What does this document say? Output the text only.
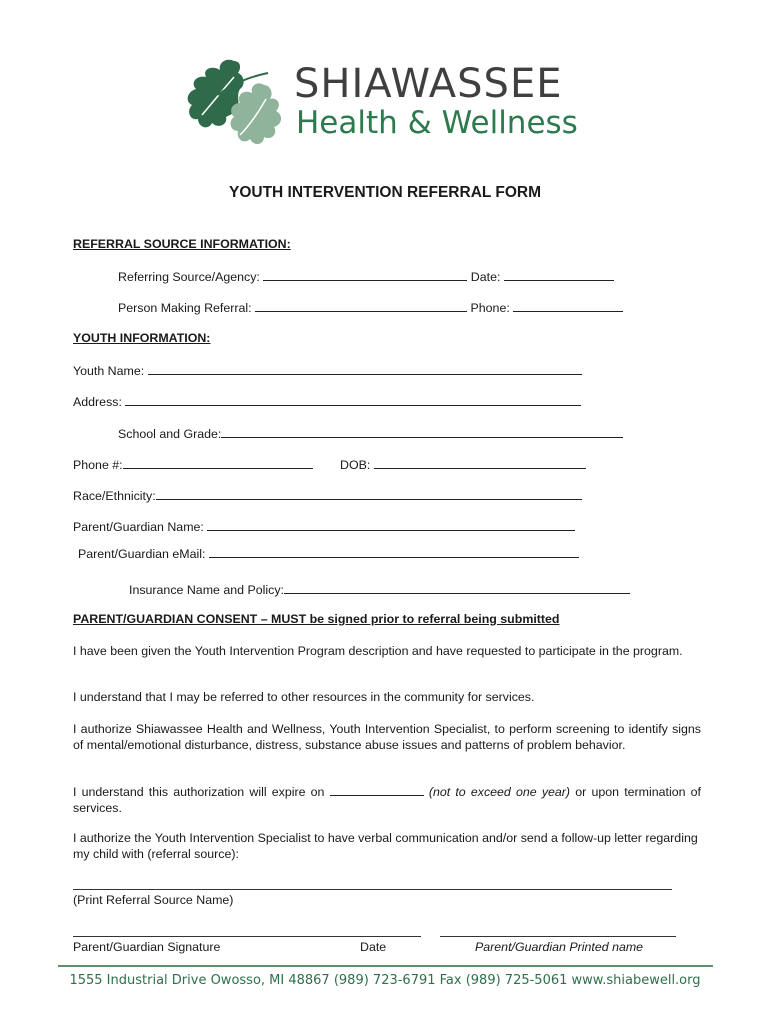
SHIAWASSEE
Health & Wellness
YOUTH INTERVENTION REFERRAL FORM
REFERRAL SOURCE INFORMATION:
Referring Source/Agency:	Date:
Person Making Referral:	Phone:
YOUTH INFORMATION:
Youth Name:
Address:
School and Grade:
Phone #:	DOB:
Race/Ethnicity:
Parent/Guardian Name:
Parent/Guardian eMail:
Insurance Name and Policy:
PARENT/GUARDIAN CONSENT – MUST be signed prior to referral being submitted
I have been given the Youth Intervention Program description and have requested to participate in the program.
I understand that I may be referred to other resources in the community for services.
I authorize Shiawassee Health and Wellness, Youth Intervention Specialist, to perform screening to identify signs of mental/emotional disturbance, distress, substance abuse issues and patterns of problem behavior.
I understand this authorization will expire on	(not to exceed one year) or upon termination of services.
I authorize the Youth Intervention Specialist to have verbal communication and/or send a follow-up letter regarding my child with (referral source):
(Print Referral Source Name)
Parent/Guardian Signature	Date	Parent/Guardian Printed name
1555 Industrial Drive Owosso, MI 48867 (989) 723-6791 Fax (989) 725-5061 www.shiabewell.org
